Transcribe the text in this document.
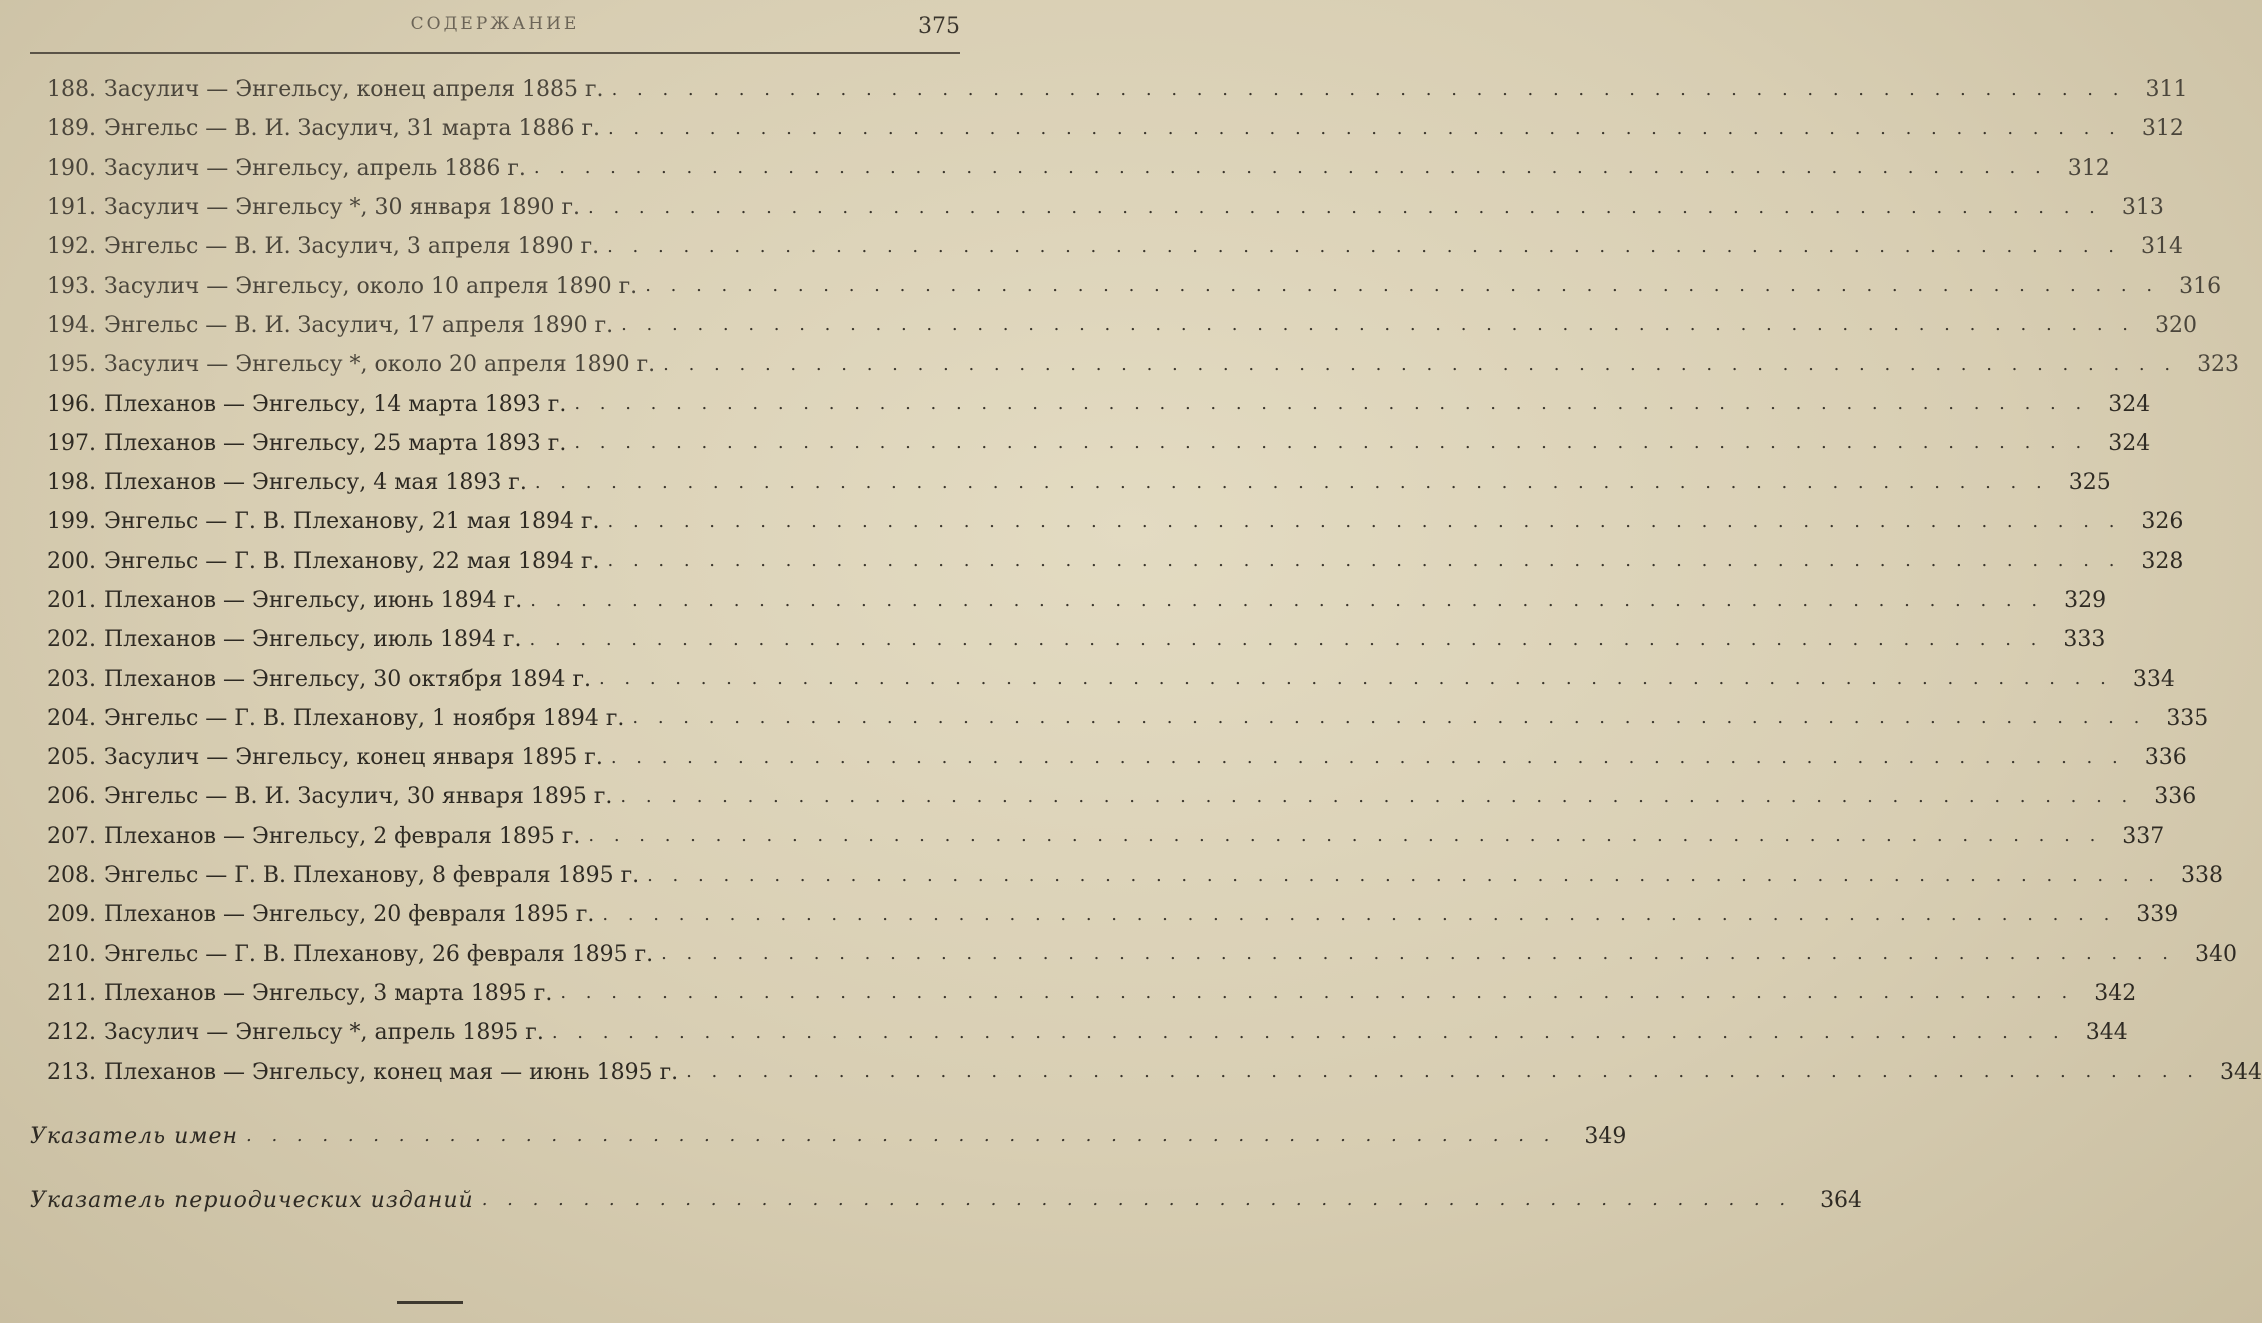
СОДЕРЖАНИЕ	375
188. Засулич — Энгельсу, конец апреля 1885 г. . . . . . . . . . . . . . . . . . . . . . . . . . . . . . . . . . . . . . . . . . . . . . . . . . . . . . . . . . . . . 311
189. Энгельс — В. И. Засулич, 31 марта 1886 г. . . . . . . . . . . . . . . . . . . . . . . . . . . . . . . . . . . . . . . . . . . . . . . . . . . . . . . . . . . . . 312
190. Засулич — Энгельсу, апрель 1886 г. . . . . . . . . . . . . . . . . . . . . . . . . . . . . . . . . . . . . . . . . . . . . . . . . . . . . . . . . . . . . 312
191. Засулич — Энгельсу *, 30 января 1890 г. . . . . . . . . . . . . . . . . . . . . . . . . . . . . . . . . . . . . . . . . . . . . . . . . . . . . . . . . . . . . 313
192. Энгельс — В. И. Засулич, 3 апреля 1890 г. . . . . . . . . . . . . . . . . . . . . . . . . . . . . . . . . . . . . . . . . . . . . . . . . . . . . . . . . . . . . 314
193. Засулич — Энгельсу, около 10 апреля 1890 г. . . . . . . . . . . . . . . . . . . . . . . . . . . . . . . . . . . . . . . . . . . . . . . . . . . . . . . . . . . . . 316
194. Энгельс — В. И. Засулич, 17 апреля 1890 г. . . . . . . . . . . . . . . . . . . . . . . . . . . . . . . . . . . . . . . . . . . . . . . . . . . . . . . . . . . . . 320
195. Засулич — Энгельсу *, около 20 апреля 1890 г. . . . . . . . . . . . . . . . . . . . . . . . . . . . . . . . . . . . . . . . . . . . . . . . . . . . . . . . . . . . . 323
196. Плеханов — Энгельсу, 14 марта 1893 г. . . . . . . . . . . . . . . . . . . . . . . . . . . . . . . . . . . . . . . . . . . . . . . . . . . . . . . . . . . . . 324
197. Плеханов — Энгельсу, 25 марта 1893 г. . . . . . . . . . . . . . . . . . . . . . . . . . . . . . . . . . . . . . . . . . . . . . . . . . . . . . . . . . . . . 324
198. Плеханов — Энгельсу, 4 мая 1893 г. . . . . . . . . . . . . . . . . . . . . . . . . . . . . . . . . . . . . . . . . . . . . . . . . . . . . . . . . . . . . 325
199. Энгельс — Г. В. Плеханову, 21 мая 1894 г. . . . . . . . . . . . . . . . . . . . . . . . . . . . . . . . . . . . . . . . . . . . . . . . . . . . . . . . . . . . . 326
200. Энгельс — Г. В. Плеханову, 22 мая 1894 г. . . . . . . . . . . . . . . . . . . . . . . . . . . . . . . . . . . . . . . . . . . . . . . . . . . . . . . . . . . . . 328
201. Плеханов — Энгельсу, июнь 1894 г. . . . . . . . . . . . . . . . . . . . . . . . . . . . . . . . . . . . . . . . . . . . . . . . . . . . . . . . . . . . . 329
202. Плеханов — Энгельсу, июль 1894 г. . . . . . . . . . . . . . . . . . . . . . . . . . . . . . . . . . . . . . . . . . . . . . . . . . . . . . . . . . . . . 333
203. Плеханов — Энгельсу, 30 октября 1894 г. . . . . . . . . . . . . . . . . . . . . . . . . . . . . . . . . . . . . . . . . . . . . . . . . . . . . . . . . . . . . 334
204. Энгельс — Г. В. Плеханову, 1 ноября 1894 г. . . . . . . . . . . . . . . . . . . . . . . . . . . . . . . . . . . . . . . . . . . . . . . . . . . . . . . . . . . . . 335
205. Засулич — Энгельсу, конец января 1895 г. . . . . . . . . . . . . . . . . . . . . . . . . . . . . . . . . . . . . . . . . . . . . . . . . . . . . . . . . . . . . 336
206. Энгельс — В. И. Засулич, 30 января 1895 г. . . . . . . . . . . . . . . . . . . . . . . . . . . . . . . . . . . . . . . . . . . . . . . . . . . . . . . . . . . . . 336
207. Плеханов — Энгельсу, 2 февраля 1895 г. . . . . . . . . . . . . . . . . . . . . . . . . . . . . . . . . . . . . . . . . . . . . . . . . . . . . . . . . . . . . 337
208. Энгельс — Г. В. Плеханову, 8 февраля 1895 г. . . . . . . . . . . . . . . . . . . . . . . . . . . . . . . . . . . . . . . . . . . . . . . . . . . . . . . . . . . . . 338
209. Плеханов — Энгельсу, 20 февраля 1895 г. . . . . . . . . . . . . . . . . . . . . . . . . . . . . . . . . . . . . . . . . . . . . . . . . . . . . . . . . . . . . 339
210. Энгельс — Г. В. Плеханову, 26 февраля 1895 г. . . . . . . . . . . . . . . . . . . . . . . . . . . . . . . . . . . . . . . . . . . . . . . . . . . . . . . . . . . . . 340
211. Плеханов — Энгельсу, 3 марта 1895 г. . . . . . . . . . . . . . . . . . . . . . . . . . . . . . . . . . . . . . . . . . . . . . . . . . . . . . . . . . . . . 342
212. Засулич — Энгельсу *, апрель 1895 г. . . . . . . . . . . . . . . . . . . . . . . . . . . . . . . . . . . . . . . . . . . . . . . . . . . . . . . . . . . . . 344
213. Плеханов — Энгельсу, конец мая — июнь 1895 г. . . . . . . . . . . . . . . . . . . . . . . . . . . . . . . . . . . . . . . . . . . . . . . . . . . . . . . . . . . . . 344
Указатель имен . . . . . . . . . . . . . . . . . . . . . . . . . . . . . . . . . . . . . . . . . . . . . . . . . . . .	349
Указатель периодических изданий . . . . . . . . . . . . . . . . . . . . . . . . . . . . . . . . . . . . . . . . . . . . . . . . . . . .	364
